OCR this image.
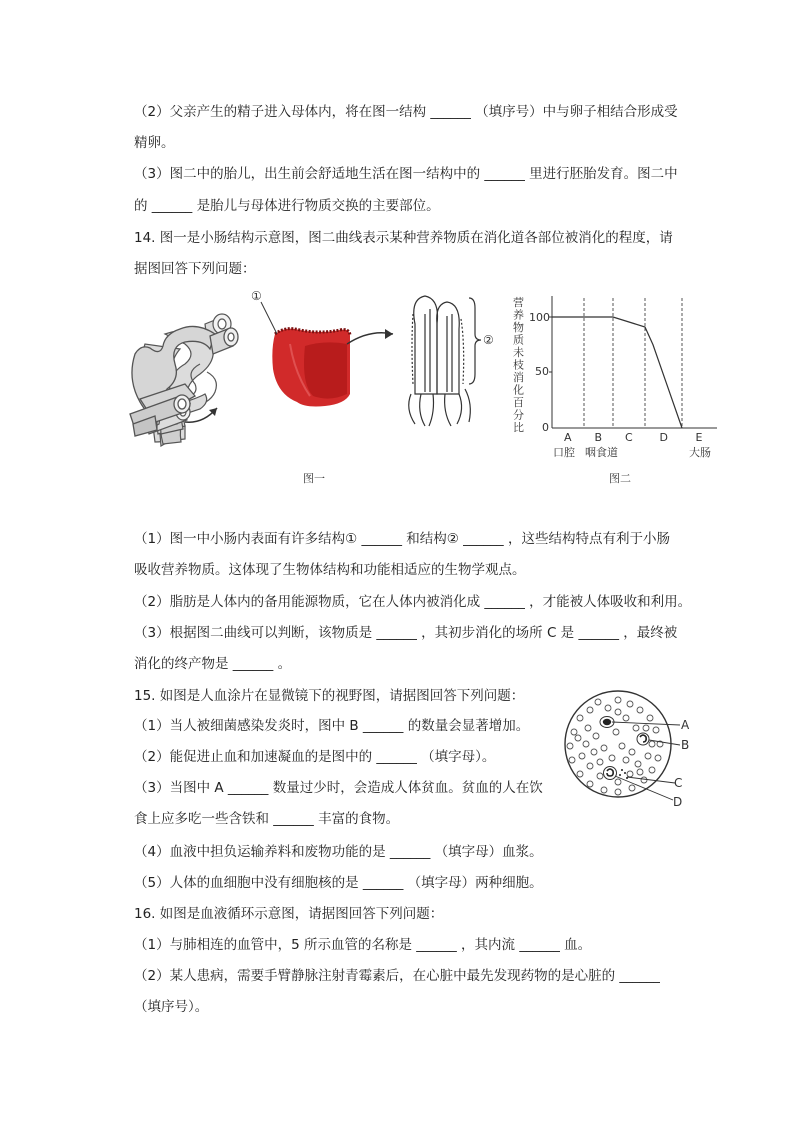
（2）父亲产生的精子进入母体内，将在图一结构 ______ （填序号）中与卵子相结合形成受
精卵。
（3）图二中的胎儿，出生前会舒适地生活在图一结构中的 ______ 里进行胚胎发育。图二中
的 ______ 是胎儿与母体进行物质交换的主要部位。
14. 图一是小肠结构示意图，图二曲线表示某种营养物质在消化道各部位被消化的程度，请
据图回答下列问题：
①
②
图一
营
养
物
质
未
枝
消
化
百
分
比
100
50
0
A B C D	E
口腔 咽食道	大肠
图二
（1）图一中小肠内表面有许多结构① ______ 和结构② ______ ，这些结构特点有利于小肠
吸收营养物质。这体现了生物体结构和功能相适应的生物学观点。
（2）脂肪是人体内的备用能源物质，它在人体内被消化成 ______ ，才能被人体吸收和利用。
（3）根据图二曲线可以判断，该物质是 ______ ，其初步消化的场所 C 是 ______ ，最终被
消化的终产物是 ______ 。
15. 如图是人血涂片在显微镜下的视野图，请据图回答下列问题：
（1）当人被细菌感染发炎时，图中 B ______ 的数量会显著增加。
（2）能促进止血和加速凝血的是图中的 ______ （填字母）。
（3）当图中 A ______ 数量过少时，会造成人体贫血。贫血的人在饮
食上应多吃一些含铁和 ______ 丰富的食物。
（4）血液中担负运输养料和废物功能的是 ______ （填字母）血浆。
（5）人体的血细胞中没有细胞核的是 ______ （填字母）两种细胞。
A
B
C
D
16. 如图是血液循环示意图，请据图回答下列问题：
（1）与肺相连的血管中，5 所示血管的名称是 ______ ，其内流 ______ 血。
（2）某人患病，需要手臂静脉注射青霉素后，在心脏中最先发现药物的是心脏的 ______
（填序号）。
